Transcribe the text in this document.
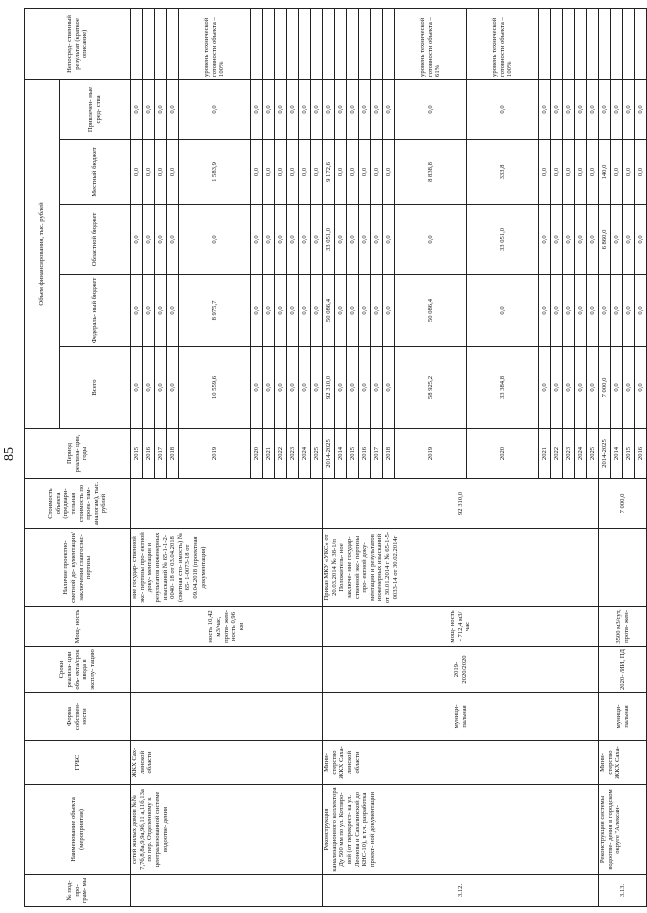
85
№ под- про- грам- мы	Наименование объекта (мероприятия)	ГРБС	Форма собствен- ности	Сроки реализа- ции объ- екта/срок ввода в эксплу- тацию	Мощ- ность	Наличие проектно- сметной до- кументации/ заключения главгосэкс- пертизы	Стоимость объекта (предвари- тельная стоимость по проек- там- аналогам), тыс. рублей	Период реализа- ции, годы	Объем финансирования, тыс. рублей					Непосред- ственный результат (краткое описание)
									Всего	Федераль- ный бюджет	Областной бюджет	Местный бюджет	Привлечен- ные сред- ства	
	сетей жилых домов №№ 7,7б,8,8а,9,9а,9б,11 а,11б,13а по пер. Отделенному к централизованной системе водоотве- дения	ЖКХ Сах- линской области			ность 10,42 м3/час, протя- жен- ность 0,96 км	ние государ- ственной экс- пертизы про- ектной доку- ментации и результатов инженерных изысканий № 65-1-1-2-0040- 18 от 03.04.2018 (сметная сто- имость) № 65- 1-0073-18 от 09.04.2018 (проектная документация)		2015	0,0	0,0	0,0	0,0	0,0	
								2016	0,0	0,0	0,0	0,0	0,0	
								2017	0,0	0,0	0,0	0,0	0,0	
								2018	0,0	0,0	0,0	0,0	0,0	
								2019	10 559,6	8 975,7	0,0	1 583,9	0,0	уровень технической готовности объекта – 100%
								2020	0,0	0,0	0,0	0,0	0,0	
								2021	0,0	0,0	0,0	0,0	0,0	
								2022	0,0	0,0	0,0	0,0	0,0	
								2023	0,0	0,0	0,0	0,0	0,0	
								2024	0,0	0,0	0,0	0,0	0,0	
								2025	0,0	0,0	0,0	0,0	0,0	
3.12.	Реконструкция канализационного коллектора Ду 500 мм по ул. Котляро- вой (от перекрест- ка ул. Леонова и Сахалинской до КНС-10), в т.ч. разработка проект- ной документации	Мини- стерство ЖКХ Саха- линской области	муници- пальная	2019- 2020/2020	мощ- ность - 712,4 м3/час	Приказ МКУ «УКС» от 20.03.2014 № 38-1/п Положитель- ное заключе- ние государ- ственной экс- пертизы про- ектной доку- ментации и результатов инженерных изысканий от 30.01.2014 г № 65-1-5-0033-14 от 30.02.2014г	92 310,0	2014-2025	92 310,0	50 086,4	33 051,0	9 172,6	0,0	
								2014	0,0	0,0	0,0	0,0	0,0	
								2015	0,0	0,0	0,0	0,0	0,0	
								2016	0,0	0,0	0,0	0,0	0,0	
								2017	0,0	0,0	0,0	0,0	0,0	
								2018	0,0	0,0	0,0	0,0	0,0	
								2019	58 925,2	50 086,4	0,0	8 838,8	0,0	уровень технической готовности объекта – 61%
								2020	33 384,8	0,0	33 051,0	333,8	0,0	уровень технической готовности объекта – 100%
								2021	0,0	0,0	0,0	0,0	0,0	
								2022	0,0	0,0	0,0	0,0	0,0	
								2023	0,0	0,0	0,0	0,0	0,0	
								2024	0,0	0,0	0,0	0,0	0,0	
								2025	0,0	0,0	0,0	0,0	0,0	
3.13.	Реконструкция системы водоотве- дения в городском округе "Алексан-	Мини- стерство ЖКХ Саха-	муници- пальная	2020- /ИИ, ПД	3500 м3/сут, протя- жен-		7 000,0	2014-2025	7 000,0	0,0	6 860,0	140,0	0,0	
								2014	0,0	0,0	0,0	0,0	0,0	
								2015	0,0	0,0	0,0	0,0	0,0	
								2016	0,0	0,0	0,0	0,0	0,0	
